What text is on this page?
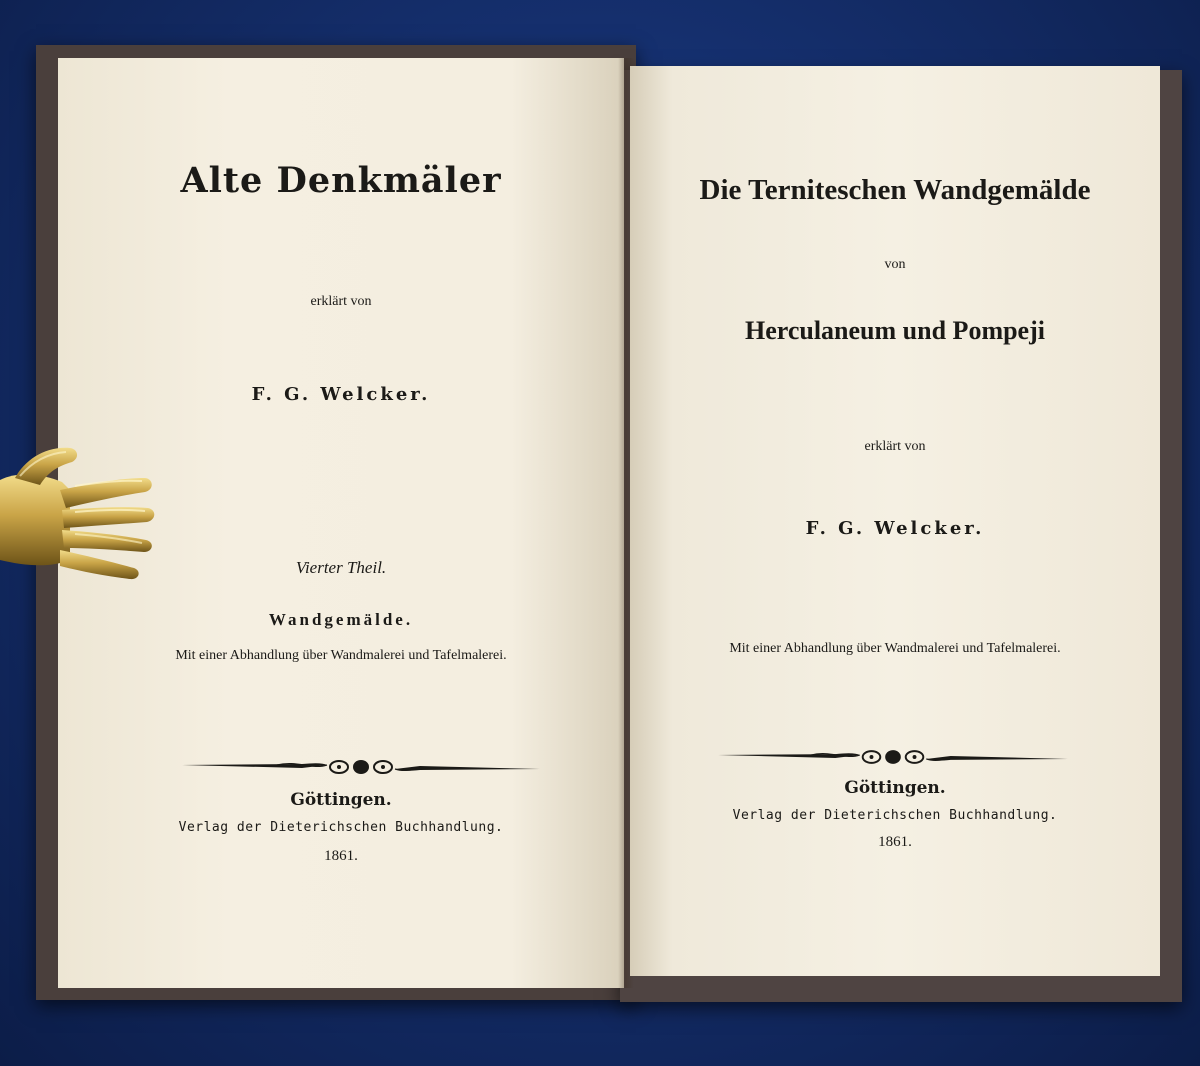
Alte Denkmäler
erklärt von
F. G. Welcker.
Vierter Theil.
Wandgemälde.
Mit einer Abhandlung über Wandmalerei und Tafelmalerei.
Göttingen.
Verlag der Dieterichschen Buchhandlung.
1861.
Die Terniteschen Wandgemälde
von
Herculaneum und Pompeji
erklärt von
F. G. Welcker.
Mit einer Abhandlung über Wandmalerei und Tafelmalerei.
Göttingen.
Verlag der Dieterichschen Buchhandlung.
1861.
